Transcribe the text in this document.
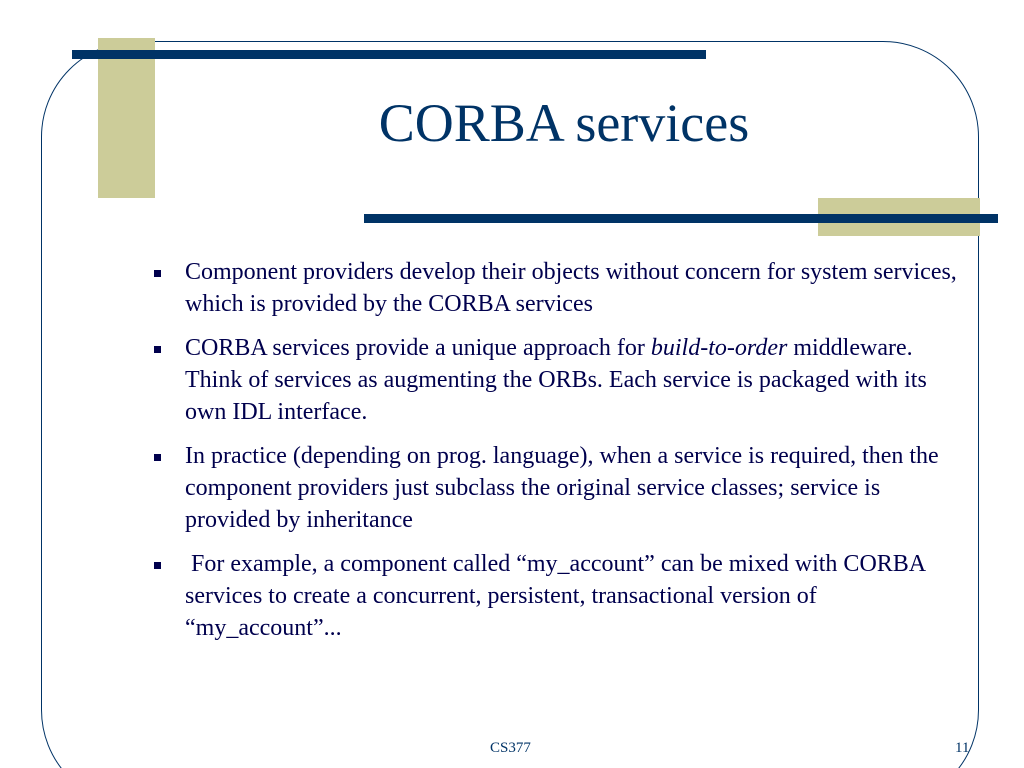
CORBA services
Component providers develop their objects without concern for system services, which is provided by the CORBA services
CORBA services provide a unique approach for build-to-order middleware. Think of services as augmenting the ORBs. Each service is packaged with its own IDL interface.
In practice (depending on prog. language), when a service is required, then the component providers just subclass the original service classes; service is provided by inheritance
For example, a component called “my_account” can be mixed with CORBA services to create a concurrent, persistent, transactional version of “my_account”...
CS377	11
